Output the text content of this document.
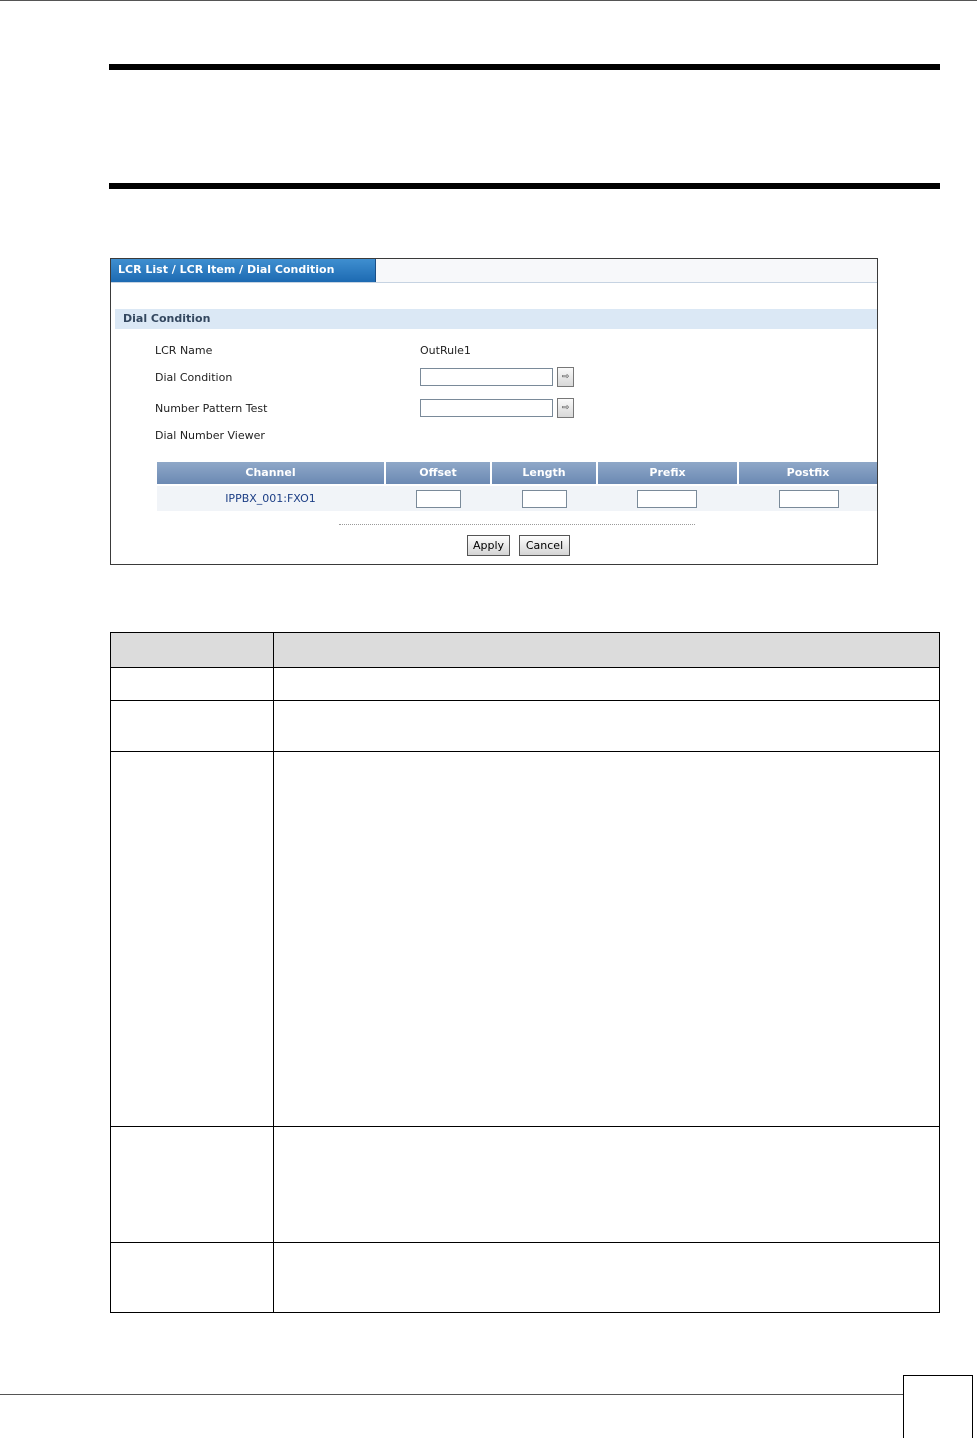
LCR List / LCR Item / Dial Condition
Dial Condition
LCR Name	OutRule1
Dial Condition	⇨
Number Pattern Test	⇨
Dial Number Viewer
Channel	Offset	Length	Prefix	Postfix
IPPBX_001:FXO1
Apply	Cancel
